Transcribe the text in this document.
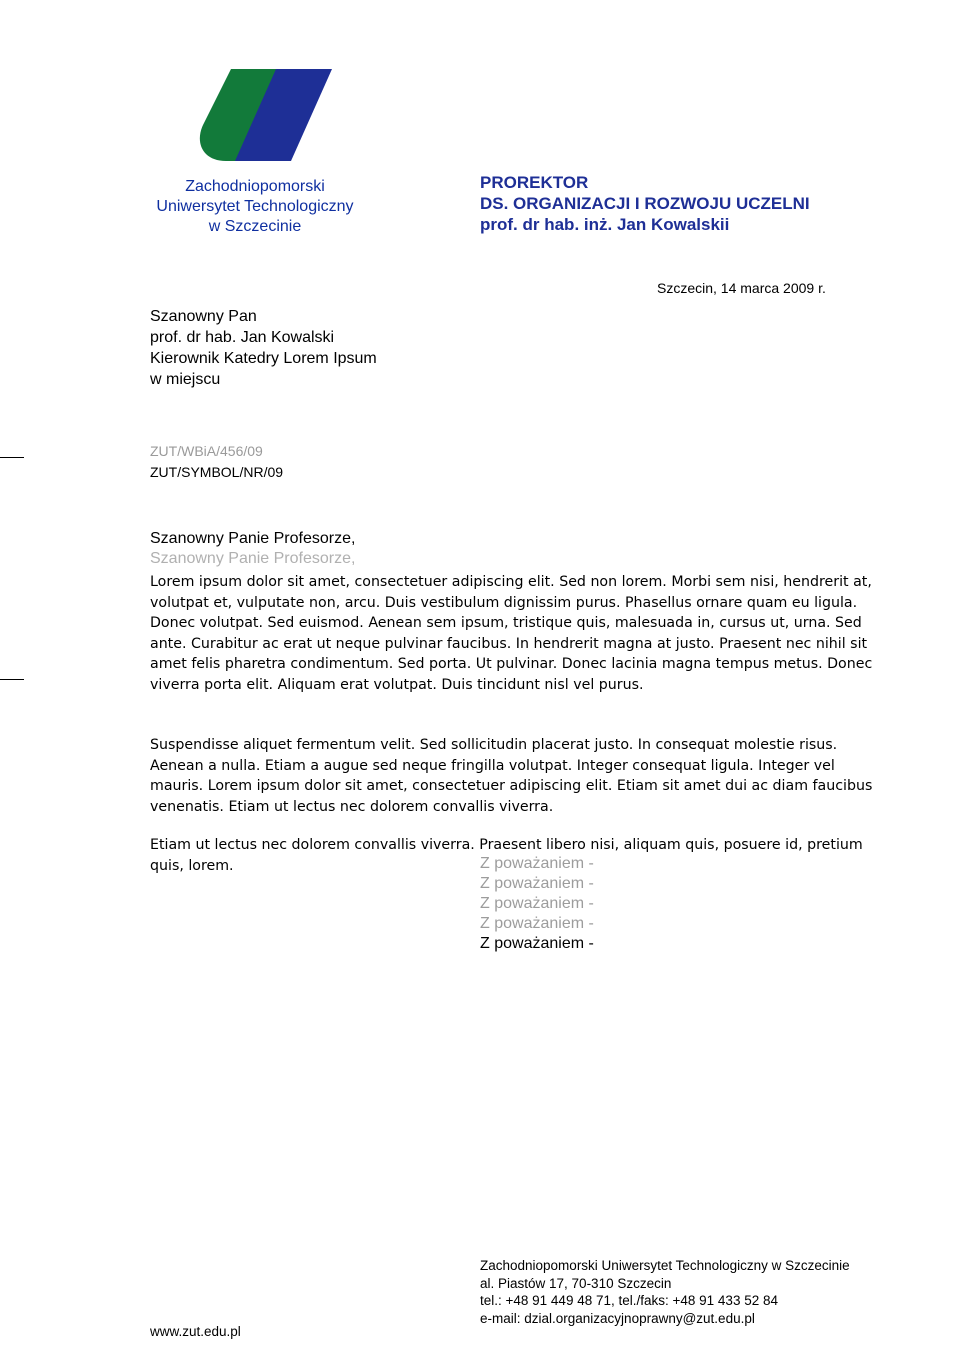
Zachodniopomorski
Uniwersytet Technologiczny
w Szczecinie
PROREKTOR
DS. ORGANIZACJI I ROZWOJU UCZELNI
prof. dr hab. inż. Jan Kowalskii
Szczecin, 14 marca 2009 r.
Szanowny Pan
prof. dr hab. Jan Kowalski
Kierownik Katedry Lorem Ipsum
w miejscu
ZUT/WBiA/456/09
ZUT/SYMBOL/NR/09
Szanowny Panie Profesorze,
Szanowny Panie Profesorze,
Lorem ipsum dolor sit amet, consectetuer adipiscing elit. Sed non lorem. Morbi sem nisi, hendrerit at, volutpat et, vulputate non, arcu. Duis vestibulum dignissim purus. Phasellus ornare quam eu ligula. Donec volutpat. Sed euismod. Aenean sem ipsum, tristique quis, malesuada in, cursus ut, urna. Sed ante. Curabitur ac erat ut neque pulvinar faucibus. In hendrerit magna at justo. Praesent nec nihil sit amet felis pharetra condimentum. Sed porta. Ut pulvinar. Donec lacinia magna tempus metus. Donec viverra porta elit. Aliquam erat volutpat. Duis tincidunt nisl vel purus.
Suspendisse aliquet fermentum velit. Sed sollicitudin placerat justo. In consequat molestie risus. Aenean a nulla. Etiam a augue sed neque fringilla volutpat. Integer consequat ligula. Integer vel mauris. Lorem ipsum dolor sit amet, consectetuer adipiscing elit. Etiam sit amet dui ac diam faucibus venenatis. Etiam ut lectus nec dolorem convallis viverra.
Etiam ut lectus nec dolorem convallis viverra. Praesent libero nisi, aliquam quis, posuere id, pretium quis, lorem.	Z poważaniem -
Z poważaniem -
Z poważaniem -
Z poważaniem -
Z poważaniem -
Zachodniopomorski Uniwersytet Technologiczny w Szczecinie
al. Piastów 17, 70-310 Szczecin
tel.: +48 91 449 48 71, tel./faks: +48 91 433 52 84
e-mail: dzial.organizacyjnoprawny@zut.edu.pl
www.zut.edu.pl
